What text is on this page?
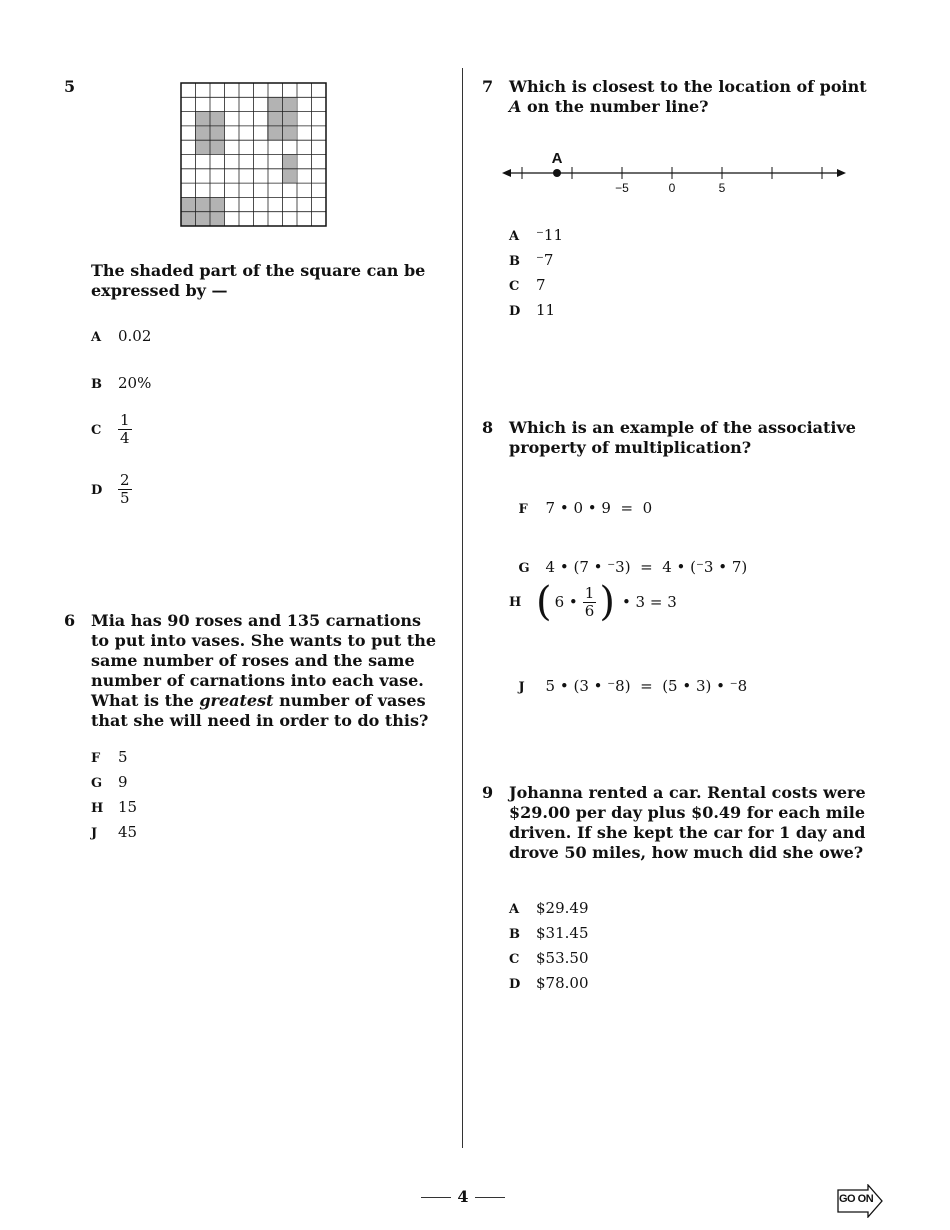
5
The shaded part of the square can be expressed by —
A 0.02
B 20%
C $\frac{1}{4}$
D $\frac{2}{5}$
6 Mia has 90 roses and 135 carnations to put into vases. She wants to put the same number of roses and the same number of carnations into each vase. What is the greatest number of vases that she will need in order to do this?
F 5
G 9
H 15
J 45
7 Which is closest to the location of point A on the number line?
A
−5	0	5
A ⁻11
B ⁻7
C 7
D 11
8 Which is an example of the associative property of multiplication?

F 7 • 0 • 9  =  0

G 4 • (7 • ⁻3)  =  4 • (⁻3 • 7)

H ( 6 • $\frac{1}{6}$ ) • 3 = 3

J 5 • (3 • ⁻8)  =  (5 • 3) • ⁻8

9 Johanna rented a car. Rental costs were $29.00 per day plus $0.49 for each mile driven. If she kept the car for 1 day and drove 50 miles, how much did she owe?
A $29.49
B $31.45
C $53.50
D $78.00
4	GO ON
